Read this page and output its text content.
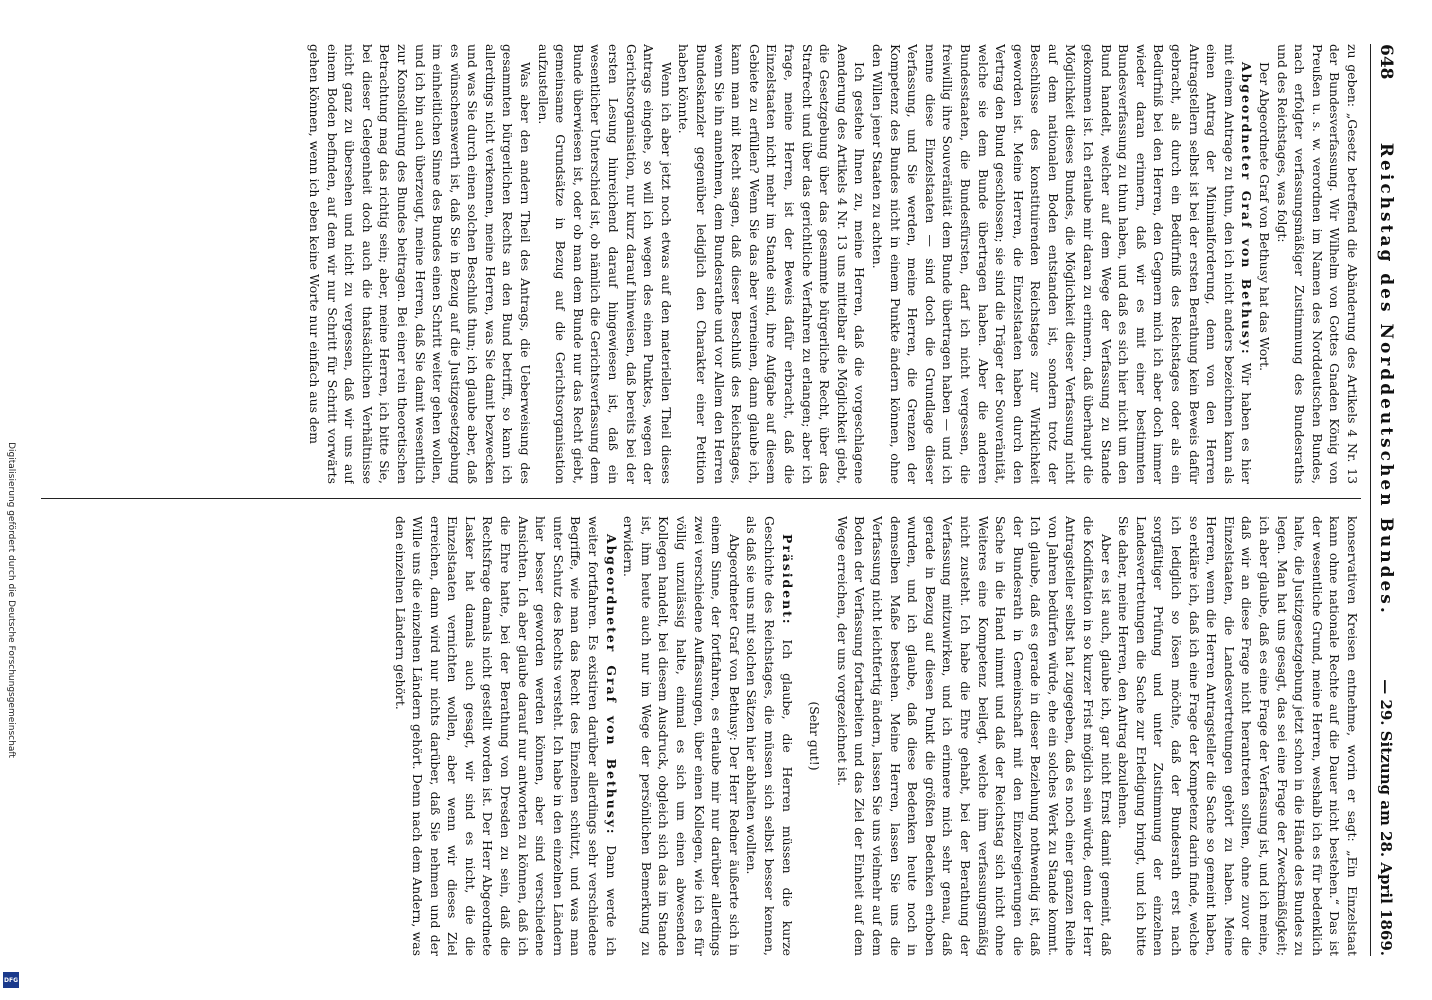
Digitalisierung gefördert durch die Deutsche Forschungsgemeinschaft
DFG
648
Reichstag des Norddeutschen Bundes.
— 29. Sitzung am 28. April 1869.

zu geben: „Gesetz betreffend die Abänderung des Artikels 4 Nr. 13 der Bundesverfassung. Wir Wilhelm von Gottes Gnaden König von Preußen u. s. w. verordnen im Namen des Norddeutschen Bundes, nach erfolgter verfassungsmäßiger Zustimmung des Bundesraths und des Reichstages, was folgt:

Der Abgeordnete Graf von Bethusy hat das Wort.

Abgeordneter Graf von Bethusy: Wir haben es hier mit einem Antrage zu thun, den ich nicht anders bezeichnen kann als einen Antrag der Minimalforderung, denn von den Herren Antragstellern selbst ist bei der ersten Berathung kein Beweis dafür gebracht, als durch ein Bedürfniß des Reichstages oder als ein Bedürfniß bei den Herren, den Gegnern mich ich aber doch immer wieder daran erinnern, daß wir es mit einer bestimmten Bundesverfassung zu thun haben, und daß es sich hier nicht um den Bund handelt, welcher auf dem Wege der Verfassung zu Stande gekommen ist. Ich erlaube mir daran zu erinnern, daß überhaupt die Möglichkeit dieses Bundes, die Möglichkeit dieser Verfassung nicht auf dem nationalen Boden entstanden ist, sondern trotz der Beschlüsse des konstituirenden Reichstages zur Wirklichkeit geworden ist. Meine Herren, die Einzelstaaten haben durch den Vertrag den Bund geschlossen; sie sind die Träger der Souveränität, welche sie dem Bunde übertragen haben. Aber die anderen Bundesstaaten, die Bundesfürsten, darf ich nicht vergessen, die freiwillig ihre Souveränität dem Bunde übertragen haben — und ich nenne diese Einzelstaaten — sind doch die Grundlage dieser Verfassung, und Sie werden, meine Herren, die Grenzen der Kompetenz des Bundes nicht in einem Punkte ändern können, ohne den Willen jener Staaten zu achten.

Ich gestehe Ihnen zu, meine Herren, daß die vorgeschlagene Aenderung des Artikels 4 Nr. 13 uns mittelbar die Möglichkeit giebt, die Gesetzgebung über das gesammte bürgerliche Recht, über das Strafrecht und über das gerichtliche Verfahren zu erlangen; aber ich frage, meine Herren, ist der Beweis dafür erbracht, daß die Einzelstaaten nicht mehr im Stande sind, ihre Aufgabe auf diesem Gebiete zu erfüllen? Wenn Sie das aber verneinen, dann glaube ich, kann man mit Recht sagen, daß dieser Beschluß des Reichstages, wenn Sie ihn annehmen, dem Bundesrathe und vor Allem den Herren Bundeskanzler gegenüber lediglich den Charakter einer Petition haben könnte.

Wenn ich aber jetzt noch etwas auf den materiellen Theil dieses Antrags eingehe, so will ich wegen des einen Punktes, wegen der Gerichtsorganisation, nur kurz darauf hinweisen, daß bereits bei der ersten Lesung hinreichend darauf hingewiesen ist, daß ein wesentlicher Unterschied ist, ob nämlich die Gerichtsverfassung dem Bunde überwiesen ist, oder ob man dem Bunde nur das Recht giebt, gemeinsame Grundsätze in Bezug auf die Gerichtsorganisation aufzustellen.

Was aber den andern Theil des Antrags, die Ueberweisung des gesammten bürgerlichen Rechts an den Bund betrifft, so kann ich allerdings nicht verkennen, meine Herren, was Sie damit bezwecken und was Sie durch einen solchen Beschluß thun; ich glaube aber, daß es wünschenswerth ist, daß Sie in Bezug auf die Justizgesetzgebung im einheitlichen Sinne des Bundes einen Schritt weiter gehen wollen, und ich bin auch überzeugt, meine Herren, daß Sie damit wesentlich zur Konsolidirung des Bundes beitragen. Bei einer rein theoretischen Betrachtung mag das richtig sein; aber, meine Herren, ich bitte Sie, bei dieser Gelegenheit doch auch die thatsächlichen Verhältnisse nicht ganz zu übersehen und nicht zu vergessen, daß wir uns auf einem Boden befinden, auf dem wir nur Schritt für Schritt vorwärts gehen können, wenn ich eben keine Worte nur einfach aus dem

konservativen Kreisen entnehme, worin er sagt: „Ein Einzelstaat kann ohne nationale Rechte auf die Dauer nicht bestehen.“ Das ist der wesentliche Grund, meine Herren, weshalb ich es für bedenklich halte, die Justizgesetzgebung jetzt schon in die Hände des Bundes zu legen. Man hat uns gesagt, das sei eine Frage der Zweckmäßigkeit; ich aber glaube, daß es eine Frage der Verfassung ist, und ich meine, daß wir an diese Frage nicht herantreten sollten, ohne zuvor die Einzelstaaten, die Landesvertretungen gehört zu haben. Meine Herren, wenn die Herren Antragsteller die Sache so gemeint haben, so erkläre ich, daß ich eine Frage der Kompetenz darin finde, welche ich lediglich so lösen möchte, daß der Bundesrath erst nach sorgfältiger Prüfung und unter Zustimmung der einzelnen Landesvertretungen die Sache zur Erledigung bringt, und ich bitte Sie daher, meine Herren, den Antrag abzulehnen.

Aber es ist auch, glaube ich, gar nicht Ernst damit gemeint, daß die Kodifikation in so kurzer Frist möglich sein würde, denn der Herr Antragsteller selbst hat zugegeben, daß es noch einer ganzen Reihe von Jahren bedürfen würde, ehe ein solches Werk zu Stande kommt. Ich glaube, daß es gerade in dieser Beziehung nothwendig ist, daß der Bundesrath in Gemeinschaft mit den Einzelregierungen die Sache in die Hand nimmt und daß der Reichstag sich nicht ohne Weiteres eine Kompetenz beilegt, welche ihm verfassungsmäßig nicht zusteht. Ich habe die Ehre gehabt, bei der Berathung der Verfassung mitzuwirken, und ich erinnere mich sehr genau, daß gerade in Bezug auf diesen Punkt die größten Bedenken erhoben wurden, und ich glaube, daß diese Bedenken heute noch in demselben Maße bestehen. Meine Herren, lassen Sie uns die Verfassung nicht leichtfertig ändern, lassen Sie uns vielmehr auf dem Boden der Verfassung fortarbeiten und das Ziel der Einheit auf dem Wege erreichen, der uns vorgezeichnet ist.

(Sehr gut!)

Präsident: Ich glaube, die Herren müssen die kurze Geschichte des Reichstages, die müssen sich selbst besser kennen, als daß sie uns mit solchen Sätzen hier abhalten wollten.

Abgeordneter Graf von Bethusy: Der Herr Redner äußerte sich in einem Sinne, der fortfahren, es erlaube mir nur darüber allerdings zwei verschiedene Auffassungen, über einen Kollegen, wie ich es für völlig unzulässig halte, einmal es sich um einen abwesenden Kollegen handelt, bei diesem Ausdruck, obgleich sich das im Stande ist, ihm heute auch nur im Wege der persönlichen Bemerkung zu erwidern.

Abgeordneter Graf von Bethusy: Dann werde ich weiter fortfahren. Es existiren darüber allerdings sehr verschiedene Begriffe, wie man das Recht des Einzelnen schützt, und was man unter Schutz des Rechts versteht. Ich habe in den einzelnen Ländern hier besser geworden werden können, aber sind verschiedene Ansichten. Ich aber glaube darauf nur antworten zu können, daß ich die Ehre hatte, bei der Berathung von Dresden zu sein, daß die Rechtsfrage damals nicht gestellt worden ist. Der Herr Abgeordnete Lasker hat damals auch gesagt, wir sind es nicht, die die Einzelstaaten vernichten wollen, aber wenn wir dieses Ziel erreichen, dann wird nur nichts darüber, daß Sie nehmen und der Wille uns die einzelnen Ländern gehört. Denn nach dem Andern, was den einzelnen Ländern gehört.
